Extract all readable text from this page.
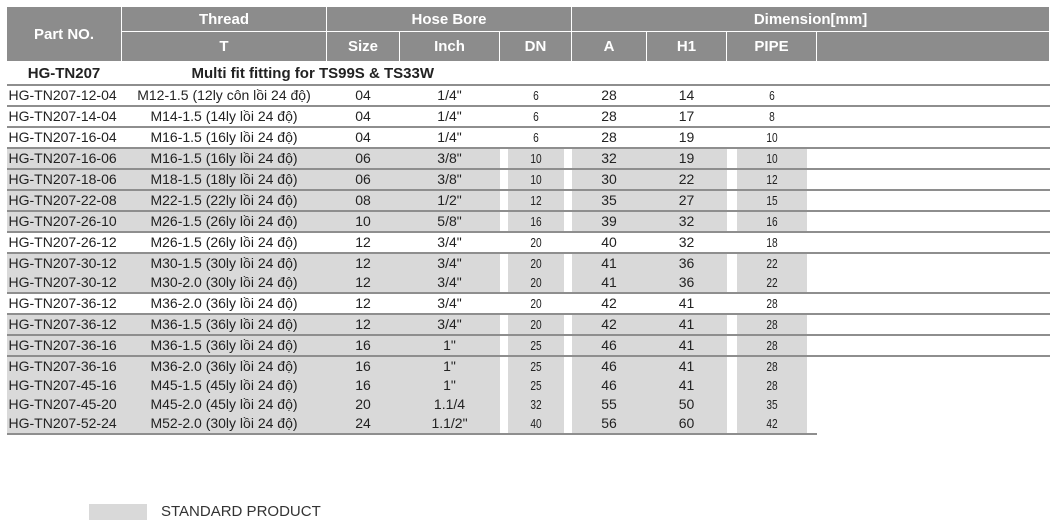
Part NO.	Thread	Hose Bore			Dimension[mm]			
	T	Size	Inch	DN	A	H1	PIPE	
HG-TN207	Multi fit fitting for TS99S & TS33W							
HG-TN207-12-04	M12-1.5 (12ly côn lồi 24 độ)	04	1/4"	6	28	14	6	
HG-TN207-14-04	M14-1.5 (14ly lồi 24 độ)	04	1/4"	6	28	17	8	
HG-TN207-16-04	M16-1.5 (16ly lồi 24 độ)	04	1/4"	6	28	19	10	
HG-TN207-16-06	M16-1.5 (16ly lồi 24 độ)	06	3/8"	10	32	19	10	
HG-TN207-18-06	M18-1.5 (18ly lồi 24 độ)	06	3/8"	10	30	22	12	
HG-TN207-22-08	M22-1.5 (22ly lồi 24 độ)	08	1/2"	12	35	27	15	
HG-TN207-26-10	M26-1.5 (26ly lồi 24 độ)	10	5/8"	16	39	32	16	
HG-TN207-26-12	M26-1.5 (26ly lồi 24 độ)	12	3/4"	20	40	32	18	
HG-TN207-30-12	M30-1.5 (30ly lồi 24 độ)	12	3/4"	20	41	36	22	
HG-TN207-30-12	M30-2.0 (30ly lồi 24 độ)	12	3/4"	20	41	36	22	
HG-TN207-36-12	M36-2.0 (36ly lồi 24 độ)	12	3/4"	20	42	41	28	
HG-TN207-36-12	M36-1.5 (36ly lồi 24 độ)	12	3/4"	20	42	41	28	
HG-TN207-36-16	M36-1.5 (36ly lồi 24 độ)	16	1"	25	46	41	28	
HG-TN207-36-16	M36-2.0 (36ly lồi 24 độ)	16	1"	25	46	41	28	
HG-TN207-45-16	M45-1.5 (45ly lồi 24 độ)	16	1"	25	46	41	28	
HG-TN207-45-20	M45-2.0 (45ly lồi 24 độ)	20	1.1/4	32	55	50	35	
HG-TN207-52-24	M52-2.0 (30ly lồi 24 độ)	24	1.1/2"	40	56	60	42	

STANDARD PRODUCT
